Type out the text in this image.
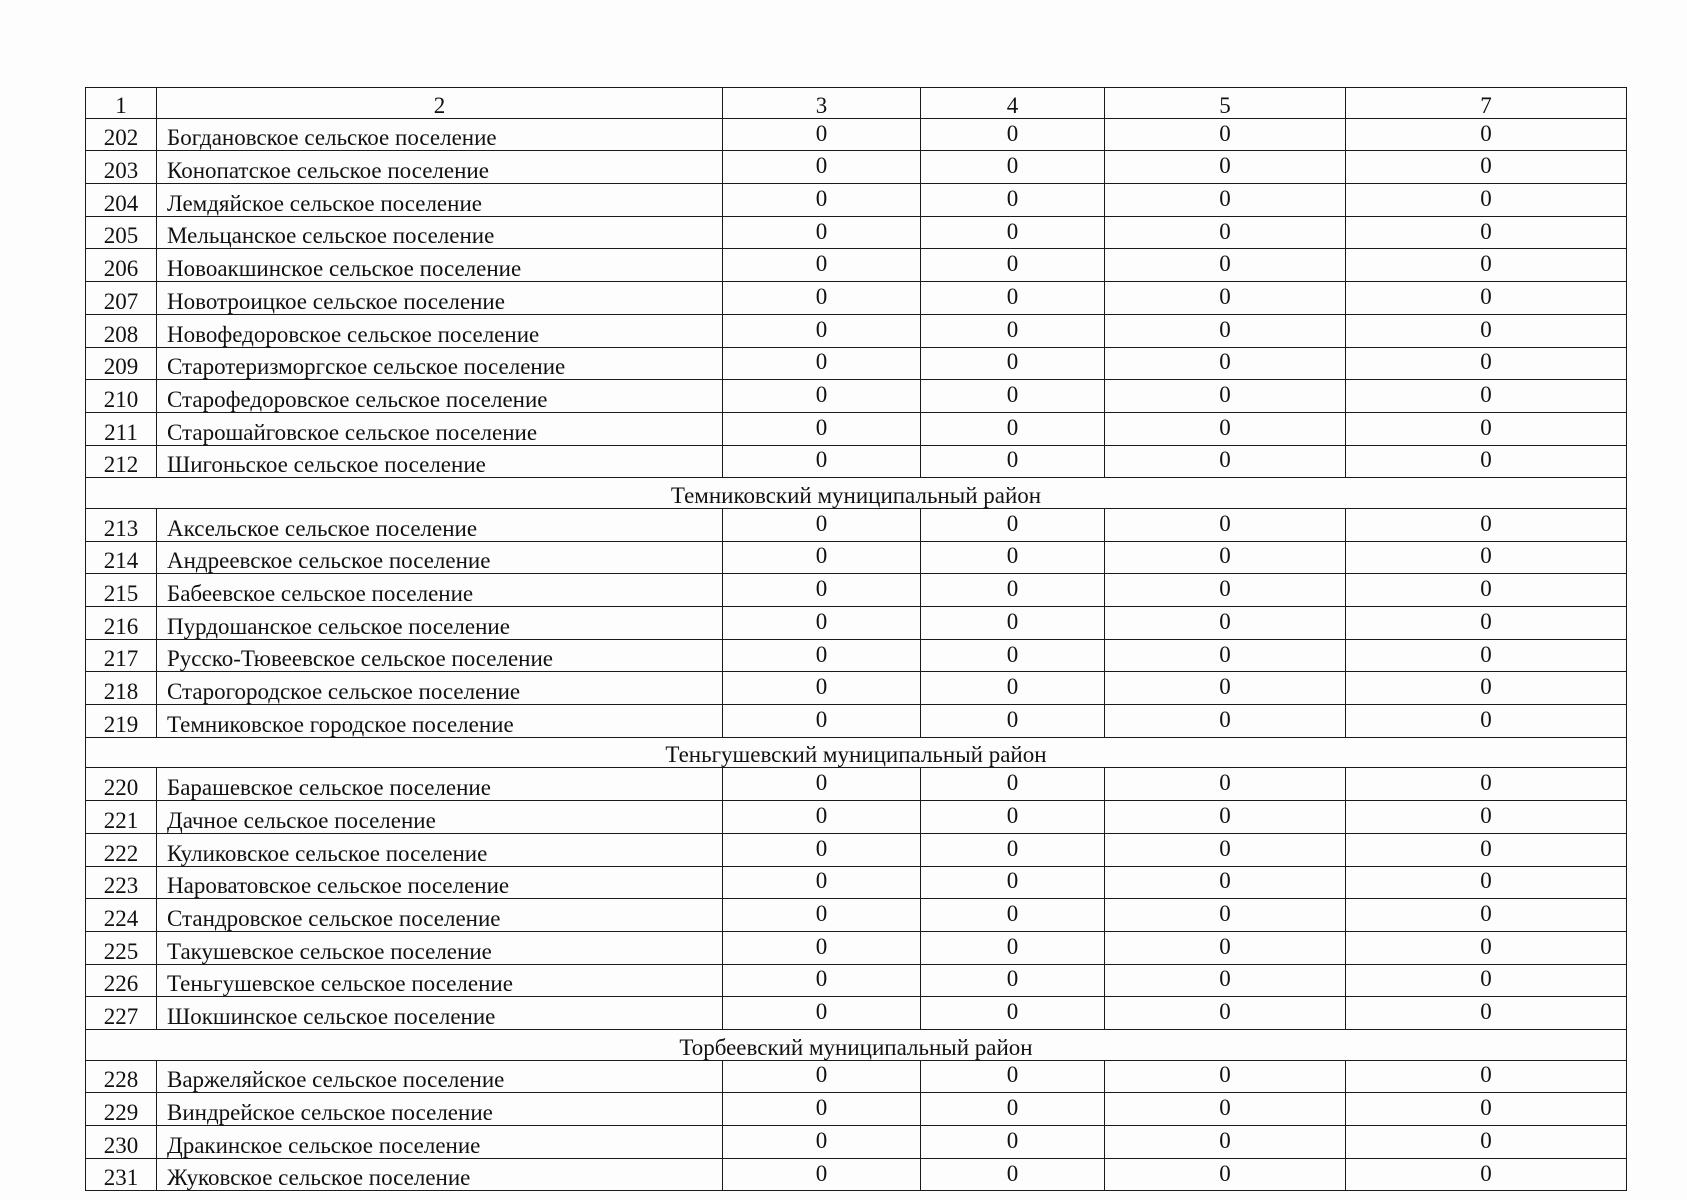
1	2	3	4	5	7
202	Богдановское сельское поселение	0	0	0	0
203	Конопатское сельское поселение	0	0	0	0
204	Лемдяйское сельское поселение	0	0	0	0
205	Мельцанское сельское поселение	0	0	0	0
206	Новоакшинское сельское поселение	0	0	0	0
207	Новотроицкое сельское поселение	0	0	0	0
208	Новофедоровское сельское поселение	0	0	0	0
209	Старотеризморгское сельское поселение	0	0	0	0
210	Старофедоровское сельское поселение	0	0	0	0
211	Старошайговское сельское поселение	0	0	0	0
212	Шигоньское сельское поселение	0	0	0	0
Темниковский муниципальный район					
213	Аксельское сельское поселение	0	0	0	0
214	Андреевское сельское поселение	0	0	0	0
215	Бабеевское сельское поселение	0	0	0	0
216	Пурдошанское сельское поселение	0	0	0	0
217	Русско-Тювеевское сельское поселение	0	0	0	0
218	Старогородское сельское поселение	0	0	0	0
219	Темниковское городское поселение	0	0	0	0
Теньгушевский муниципальный район					
220	Барашевское сельское поселение	0	0	0	0
221	Дачное сельское поселение	0	0	0	0
222	Куликовское сельское поселение	0	0	0	0
223	Нароватовское сельское поселение	0	0	0	0
224	Стандровское сельское поселение	0	0	0	0
225	Такушевское сельское поселение	0	0	0	0
226	Теньгушевское сельское поселение	0	0	0	0
227	Шокшинское сельское поселение	0	0	0	0
Торбеевский муниципальный район					
228	Варжеляйское сельское поселение	0	0	0	0
229	Виндрейское сельское поселение	0	0	0	0
230	Дракинское сельское поселение	0	0	0	0
231	Жуковское сельское поселение	0	0	0	0
